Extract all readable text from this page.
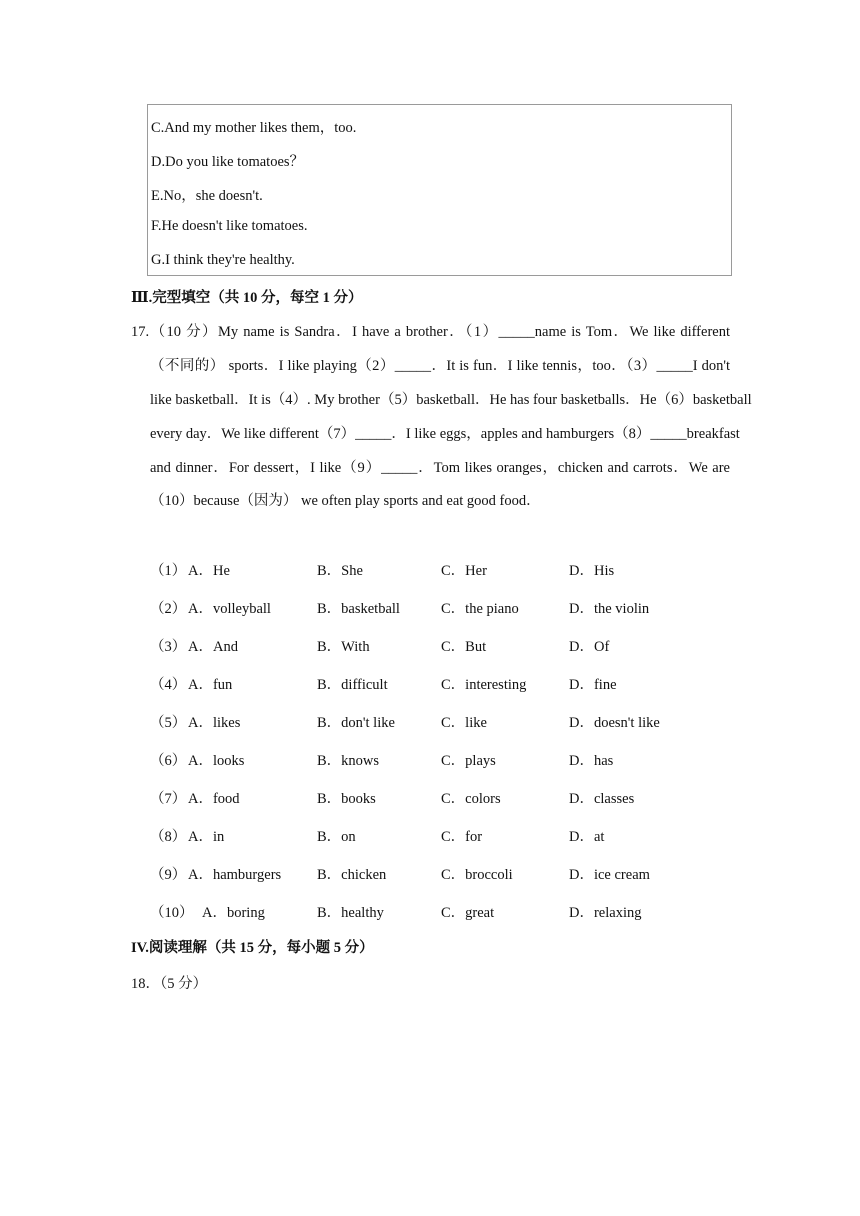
C.And my mother likes them，too.
D.Do you like tomatoes？
E.No，she doesn't.
F.He doesn't like tomatoes.
G.I think they're healthy.
Ⅲ.完型填空（共 10 分，每空 1 分）
17.（10 分）My name is Sandra．I have a brother．（1）_____name is Tom．We like different
（不同的） sports．I like playing（2）_____．It is fun．I like tennis，too．（3）_____I don't
like basketball．It is（4）. My brother（5）basketball．He has four basketballs．He（6）basketball
every day．We like different（7）_____．I like eggs，apples and hamburgers（8）_____breakfast
and dinner．For dessert，I like（9）_____．Tom likes oranges，chicken and carrots．We are
（10）because（因为） we often play sports and eat good food．
（1） A．He	B．She	C．Her	D．His
（2） A．volleyball	B．basketball	C．the piano	D．the violin
（3） A．And	B．With	C．But	D．Of
（4） A．fun	B．difficult	C．interesting	D．fine
（5） A．likes	B．don't like	C．like	D．doesn't like
（6） A．looks	B．knows	C．plays	D．has
（7） A．food	B．books	C．colors	D．classes
（8） A．in	B．on	C．for	D．at
（9） A．hamburgers B．chicken	C．broccoli	D．ice cream
（10） A．boring	B．healthy	C．great	D．relaxing
IV.阅读理解（共 15 分，每小题 5 分）
18．（5 分）
